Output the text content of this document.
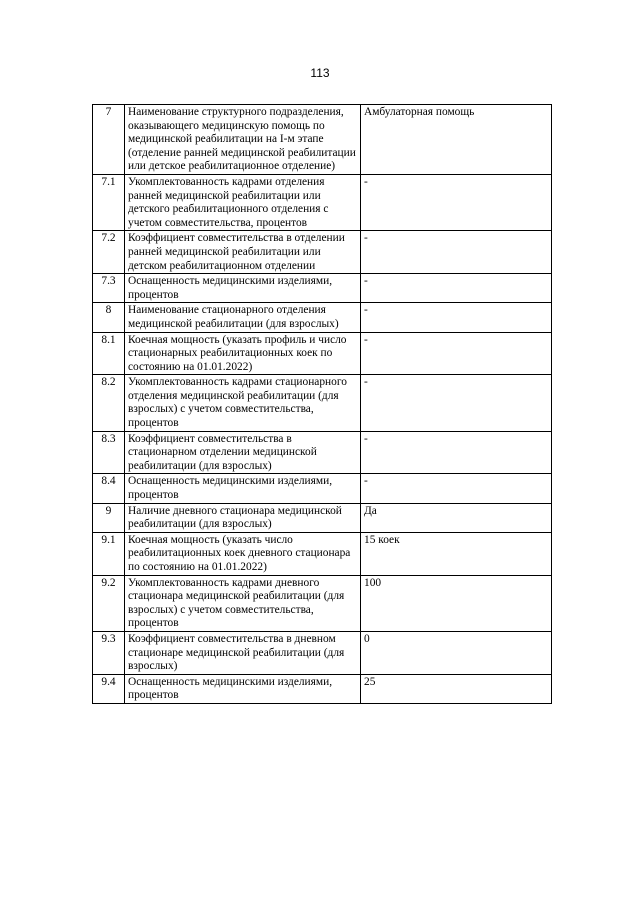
113
7	Наименование структурного подразделения, оказывающего медицинскую помощь по медицинской реабилитации на I-м этапе (отделение ранней медицинской реабилитации или детское реабилитационное отделение)	Амбулаторная помощь
7.1	Укомплектованность кадрами отделения ранней медицинской реабилитации или детского реабилитационного отделения с учетом совместительства, процентов	-
7.2	Коэффициент совместительства в отделении ранней медицинской реабилитации или детском реабилитационном отделении	-
7.3	Оснащенность медицинскими изделиями, процентов	-
8	Наименование стационарного отделения медицинской реабилитации (для взрослых)	-
8.1	Коечная мощность (указать профиль и число стационарных реабилитационных коек по состоянию на 01.01.2022)	-
8.2	Укомплектованность кадрами стационарного отделения медицинской реабилитации (для взрослых) с учетом совместительства, процентов	-
8.3	Коэффициент совместительства в стационарном отделении медицинской реабилитации (для взрослых)	-
8.4	Оснащенность медицинскими изделиями, процентов	-
9	Наличие дневного стационара медицинской реабилитации (для взрослых)	Да
9.1	Коечная мощность (указать число реабилитационных коек дневного стационара по состоянию на 01.01.2022)	15 коек
9.2	Укомплектованность кадрами дневного стационара медицинской реабилитации (для взрослых) с учетом совместительства, процентов	100
9.3	Коэффициент совместительства в дневном стационаре медицинской реабилитации (для взрослых)	0
9.4	Оснащенность медицинскими изделиями, процентов	25
